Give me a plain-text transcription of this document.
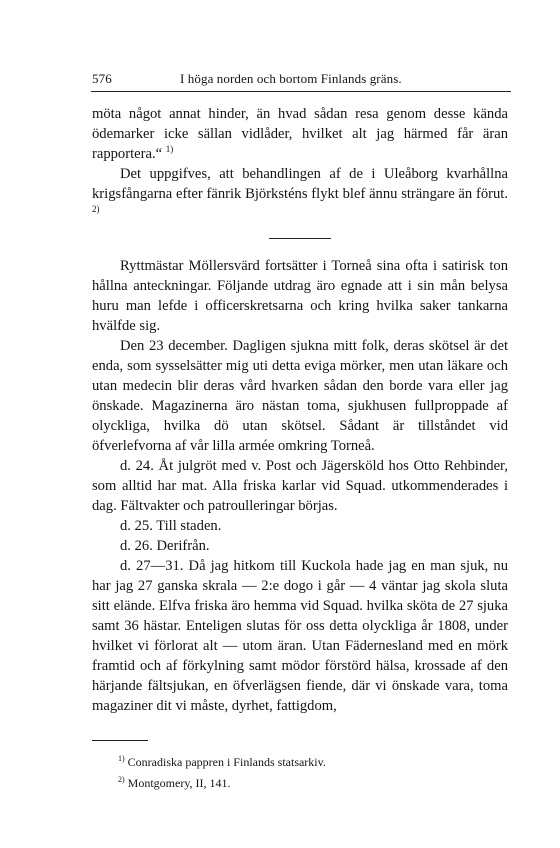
576	I höga norden och bortom Finlands gräns.

möta något annat hinder, än hvad sådan resa genom desse kända ödemarker icke sällan vidlåder, hvilket alt jag härmed får äran rapportera.“ $^{1)}$

Det uppgifves, att behandlingen af de i Uleåborg kvarhållna krigsfångarna efter fänrik Björksténs flykt blef ännu strängare än förut. $^{2)}$

Ryttmästar Möllersvärd fortsätter i Torneå sina ofta i satirisk ton hållna anteckningar. Följande utdrag äro egnade att i sin mån belysa huru man lefde i officerskretsarna och kring hvilka saker tankarna hvälfde sig.

Den 23 december. Dagligen sjukna mitt folk, deras skötsel är det enda, som sysselsätter mig uti detta eviga mörker, men utan läkare och utan medecin blir deras vård hvarken sådan den borde vara eller jag önskade. Magazinerna äro nästan toma, sjukhusen fullproppade af olyckliga, hvilka dö utan skötsel. Sådant är tillståndet vid öfverlefvorna af vår lilla armée omkring Torneå.

d. 24. Åt julgröt med v. Post och Jägersköld hos Otto Rehbinder, som alltid har mat. Alla friska karlar vid Squad. utkommenderades i dag. Fältvakter och patroulleringar börjas.

d. 25. Till staden.

d. 26. Derifrån.

d. 27—31. Då jag hitkom till Kuckola hade jag en man sjuk, nu har jag 27 ganska skrala — 2:e dogo i går — 4 väntar jag skola sluta sitt elände. Elfva friska äro hemma vid Squad. hvilka sköta de 27 sjuka samt 36 hästar. Enteligen slutas för oss detta olyckliga år 1808, under hvilket vi förlorat alt — utom äran. Utan Fädernesland med en mörk framtid och af förkylning samt mödor förstörd hälsa, krossade af den härjande fältsjukan, en öfverlägsen fiende, där vi önskade vara, toma magaziner dit vi måste, dyrhet, fattigdom,

$^{1)}$ Conradiska pappren i Finlands statsarkiv.

$^{2)}$ Montgomery, II, 141.
